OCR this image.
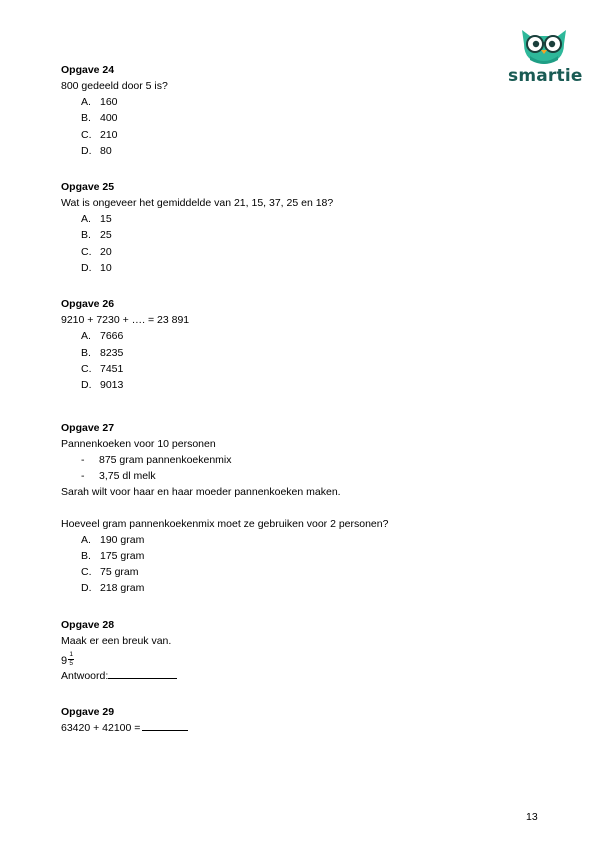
smartie
Opgave 24
800 gedeeld door 5 is?
A. 160
B. 400
C. 210
D. 80
Opgave 25
Wat is ongeveer het gemiddelde van 21, 15, 37, 25 en 18?
A. 15
B. 25
C. 20
D. 10
Opgave 26
9210 + 7230 + …. = 23 891
A. 7666
B. 8235
C. 7451
D. 9013
Opgave 27
Pannenkoeken voor 10 personen
- 875 gram pannenkoekenmix
- 3,75 dl melk
Sarah wilt voor haar en haar moeder pannenkoeken maken.
Hoeveel gram pannenkoekenmix moet ze gebruiken voor 2 personen?
A. 190 gram
B. 175 gram
C. 75 gram
D. 218 gram
Opgave 28
Maak er een breuk van.
9
1
5
Antwoord:
Opgave 29
63420 + 42100 =
13
